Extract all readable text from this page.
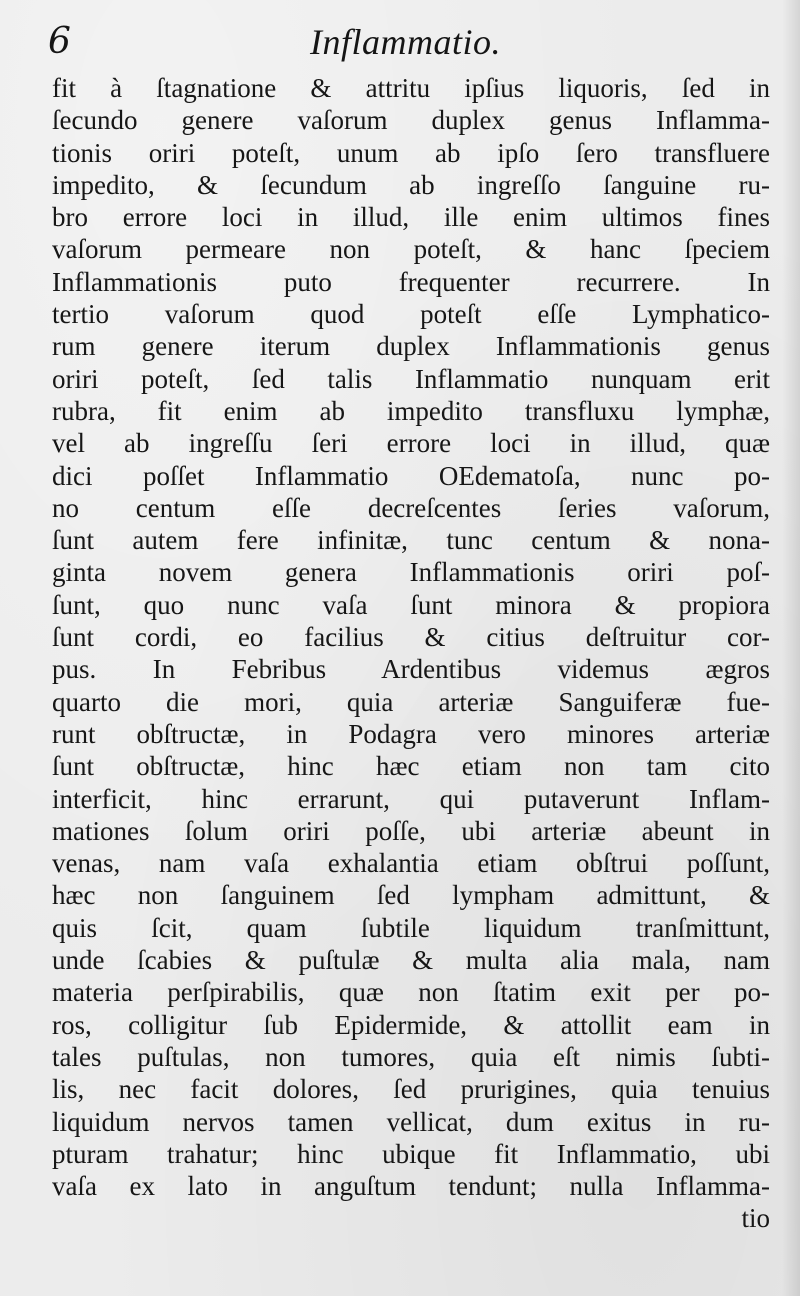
6	Inflammatio.
fit à ſtagnatione & attritu ipſius liquoris, ſed in
ſecundo genere vaſorum duplex genus Inflamma-
tionis oriri poteſt, unum ab ipſo ſero transfluere
impedito, & ſecundum ab ingreſſo ſanguine ru-
bro errore loci in illud, ille enim ultimos fines
vaſorum permeare non poteſt, & hanc ſpeciem
Inflammationis puto frequenter recurrere. In
tertio vaſorum quod poteſt eſſe Lymphatico-
rum genere iterum duplex Inflammationis genus
oriri poteſt, ſed talis Inflammatio nunquam erit
rubra, fit enim ab impedito transfluxu lymphæ,
vel ab ingreſſu ſeri errore loci in illud, quæ
dici poſſet Inflammatio OEdematoſa, nunc po-
no centum eſſe decreſcentes ſeries vaſorum,
ſunt autem fere infinitæ, tunc centum & nona-
ginta novem genera Inflammationis oriri poſ-
ſunt, quo nunc vaſa ſunt minora & propiora
ſunt cordi, eo facilius & citius deſtruitur cor-
pus. In Febribus Ardentibus videmus ægros
quarto die mori, quia arteriæ Sanguiferæ fue-
runt obſtructæ, in Podagra vero minores arteriæ
ſunt obſtructæ, hinc hæc etiam non tam cito
interficit, hinc errarunt, qui putaverunt Inflam-
mationes ſolum oriri poſſe, ubi arteriæ abeunt in
venas, nam vaſa exhalantia etiam obſtrui poſſunt,
hæc non ſanguinem ſed lympham admittunt, &
quis ſcit, quam ſubtile liquidum tranſmittunt,
unde ſcabies & puſtulæ & multa alia mala, nam
materia perſpirabilis, quæ non ſtatim exit per po-
ros, colligitur ſub Epidermide, & attollit eam in
tales puſtulas, non tumores, quia eſt nimis ſubti-
lis, nec facit dolores, ſed prurigines, quia tenuius
liquidum nervos tamen vellicat, dum exitus in ru-
pturam trahatur; hinc ubique fit Inflammatio, ubi
vaſa ex lato in anguſtum tendunt; nulla Inflamma-
tio
